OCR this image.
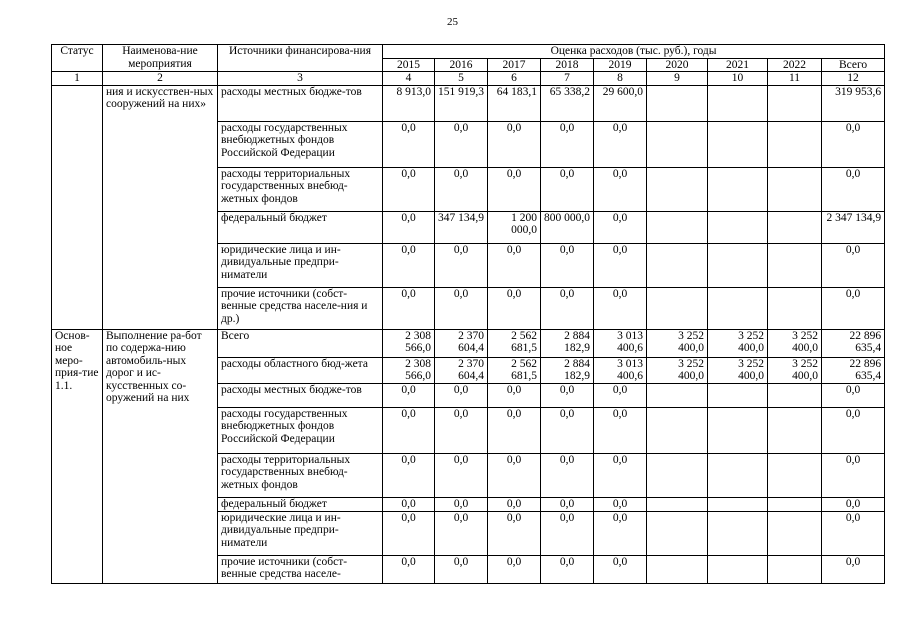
25
Статус	Наименова-ние мероприятия	Источники финансирова-ния	Оценка расходов (тыс. руб.), годы								
			2015	2016	2017	2018	2019	2020	2021	2022	Всего
1	2	3	4	5	6	7	8	9	10	11	12
	ния и искусствен-ных сооружений на них»	расходы местных бюдже-тов	8 913,0	151 919,3	64 183,1	65 338,2	29 600,0				319 953,6
		расходы государственных внебюджетных фондов Российской Федерации	0,0	0,0	0,0	0,0	0,0				0,0
		расходы территориальных государственных внебюд-жетных фондов	0,0	0,0	0,0	0,0	0,0				0,0
		федеральный бюджет	0,0	347 134,9	1 200 000,0	800 000,0	0,0				2 347 134,9
		юридические лица и ин-дивидуальные предпри-ниматели	0,0	0,0	0,0	0,0	0,0				0,0
		прочие источники (собст-венные средства населе-ния и др.)	0,0	0,0	0,0	0,0	0,0				0,0
Основ-ное меро-прия-тие 1.1.	Выполнение ра-бот по содержа-нию автомобиль-ных дорог и ис-кусственных со-оружений на них	Всего	2 308 566,0	2 370 604,4	2 562 681,5	2 884 182,9	3 013 400,6	3 252 400,0	3 252 400,0	3 252 400,0	22 896 635,4
		расходы областного бюд-жета	2 308 566,0	2 370 604,4	2 562 681,5	2 884 182,9	3 013 400,6	3 252 400,0	3 252 400,0	3 252 400,0	22 896 635,4
		расходы местных бюдже-тов	0,0	0,0	0,0	0,0	0,0				0,0
		расходы государственных внебюджетных фондов Российской Федерации	0,0	0,0	0,0	0,0	0,0				0,0
		расходы территориальных государственных внебюд-жетных фондов	0,0	0,0	0,0	0,0	0,0				0,0
		федеральный бюджет	0,0	0,0	0,0	0,0	0,0				0,0
		юридические лица и ин-дивидуальные предпри-ниматели	0,0	0,0	0,0	0,0	0,0				0,0
		прочие источники (собст-венные средства населе-	0,0	0,0	0,0	0,0	0,0				0,0
